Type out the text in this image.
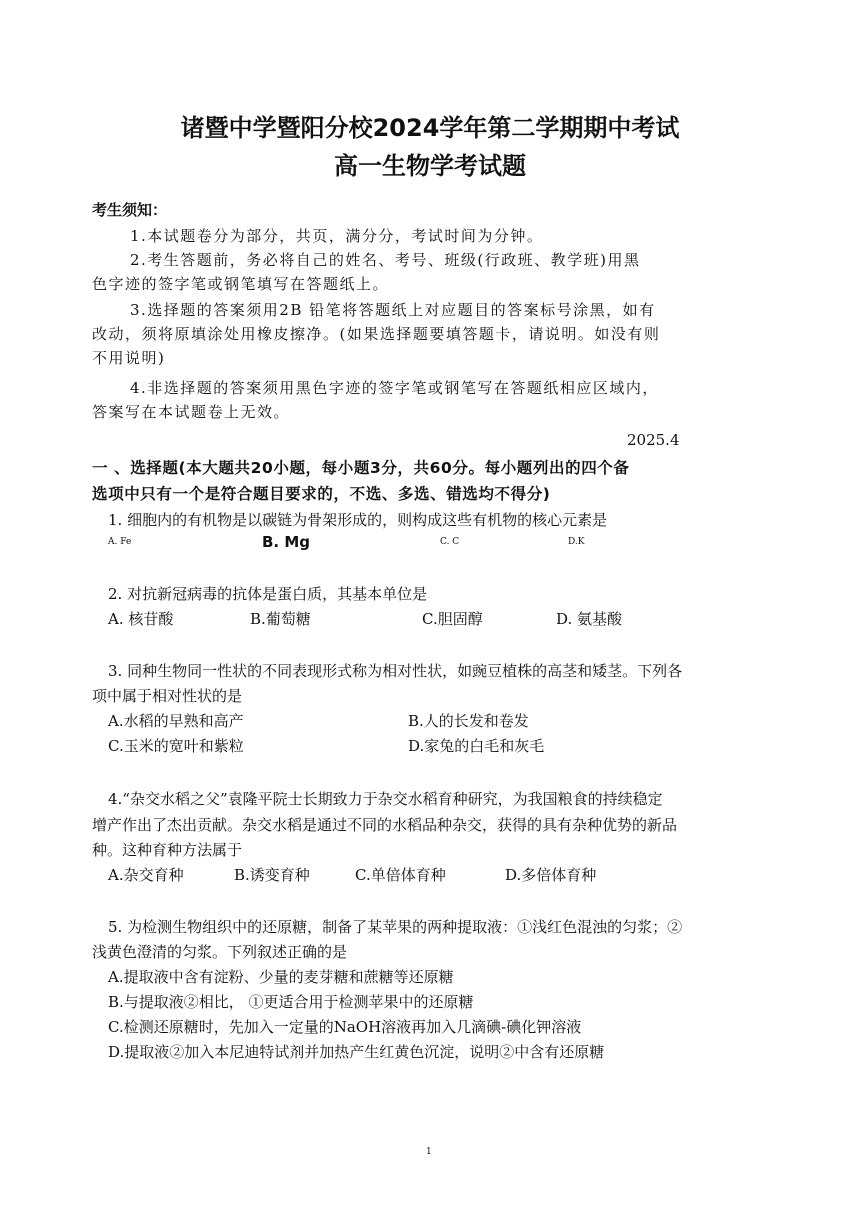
诸暨中学暨阳分校2024学年第二学期期中考试
高一生物学考试题
考生须知：
1.本试题卷分为部分，共页，满分分，考试时间为分钟。
2.考生答题前，务必将自己的姓名、考号、班级(行政班、教学班)用黑
色字迹的签字笔或钢笔填写在答题纸上。
3.选择题的答案须用2B 铅笔将答题纸上对应题目的答案标号涂黑，如有
改动，须将原填涂处用橡皮擦净。(如果选择题要填答题卡，请说明。如没有则
不用说明)
4.非选择题的答案须用黑色字迹的签字笔或钢笔写在答题纸相应区域内，
答案写在本试题卷上无效。
2025.4
一 、选择题(本大题共20小题，每小题3分，共60分。每小题列出的四个备
选项中只有一个是符合题目要求的，不选、多选、错选均不得分)
1. 细胞内的有机物是以碳链为骨架形成的，则构成这些有机物的核心元素是
A. Fe	B. Mg	C. C	D.K
2. 对抗新冠病毒的抗体是蛋白质，其基本单位是
A. 核苷酸	B.葡萄糖	C.胆固醇	D. 氨基酸
3. 同种生物同一性状的不同表现形式称为相对性状，如豌豆植株的高茎和矮茎。下列各
项中属于相对性状的是
A.水稻的早熟和高产	B.人的长发和卷发
C.玉米的宽叶和紫粒	D.家兔的白毛和灰毛
4.“杂交水稻之父”袁隆平院士长期致力于杂交水稻育种研究，为我国粮食的持续稳定
增产作出了杰出贡献。杂交水稻是通过不同的水稻品种杂交，获得的具有杂种优势的新品
种。这种育种方法属于
A.杂交育种	B.诱变育种	C.单倍体育种	D.多倍体育种
5. 为检测生物组织中的还原糖，制备了某苹果的两种提取液：①浅红色混浊的匀浆；②
浅黄色澄清的匀浆。下列叙述正确的是
A.提取液中含有淀粉、少量的麦芽糖和蔗糖等还原糖
B.与提取液②相比， ①更适合用于检测苹果中的还原糖
C.检测还原糖时，先加入一定量的NaOH溶液再加入几滴碘-碘化钾溶液
D.提取液②加入本尼迪特试剂并加热产生红黄色沉淀，说明②中含有还原糖
1
